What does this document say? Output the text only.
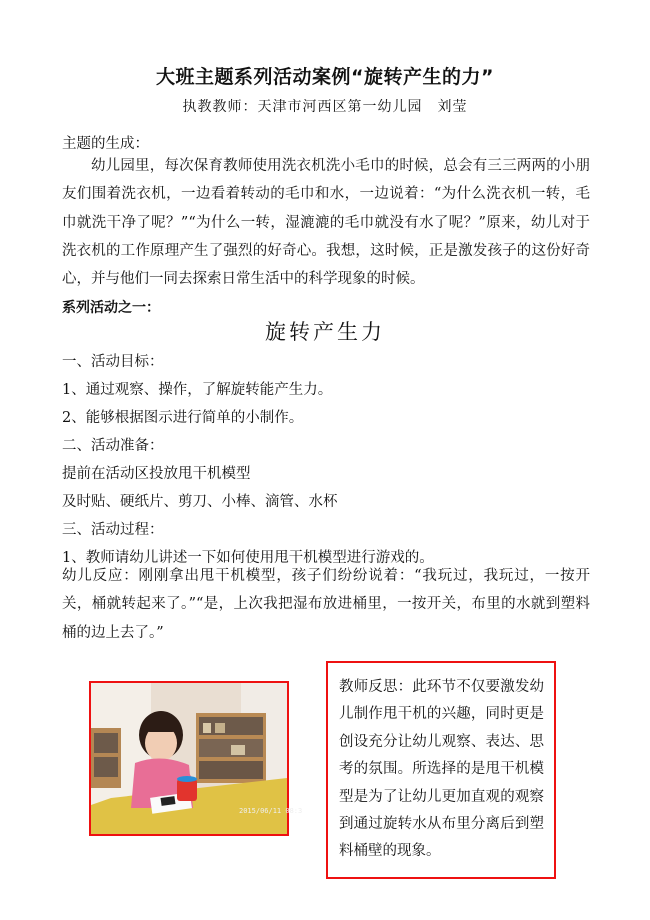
大班主题系列活动案例“旋转产生的力”
执教教师：天津市河西区第一幼儿园　刘莹
主题的生成：
幼儿园里，每次保育教师使用洗衣机洗小毛巾的时候，总会有三三两两的小朋友们围着洗衣机，一边看着转动的毛巾和水，一边说着：“为什么洗衣机一转，毛巾就洗干净了呢？”“为什么一转，湿漉漉的毛巾就没有水了呢？”原来，幼儿对于洗衣机的工作原理产生了强烈的好奇心。我想，这时候，正是激发孩子的这份好奇心，并与他们一同去探索日常生活中的科学现象的时候。
系列活动之一：
旋转产生力
一、活动目标：
1、通过观察、操作，了解旋转能产生力。
2、能够根据图示进行简单的小制作。
二、活动准备：
提前在活动区投放甩干机模型
及时贴、硬纸片、剪刀、小棒、滴管、水杯
三、活动过程：
1、教师请幼儿讲述一下如何使用甩干机模型进行游戏的。
幼儿反应：刚刚拿出甩干机模型，孩子们纷纷说着：“我玩过，我玩过，一按开关，桶就转起来了。”“是，上次我把湿布放进桶里，一按开关，布里的水就到塑料桶的边上去了。”
2015/06/11 08:3
教师反思：此环节不仅要激发幼儿制作甩干机的兴趣，同时更是创设充分让幼儿观察、表达、思考的氛围。所选择的是甩干机模型是为了让幼儿更加直观的观察到通过旋转水从布里分离后到塑料桶壁的现象。
